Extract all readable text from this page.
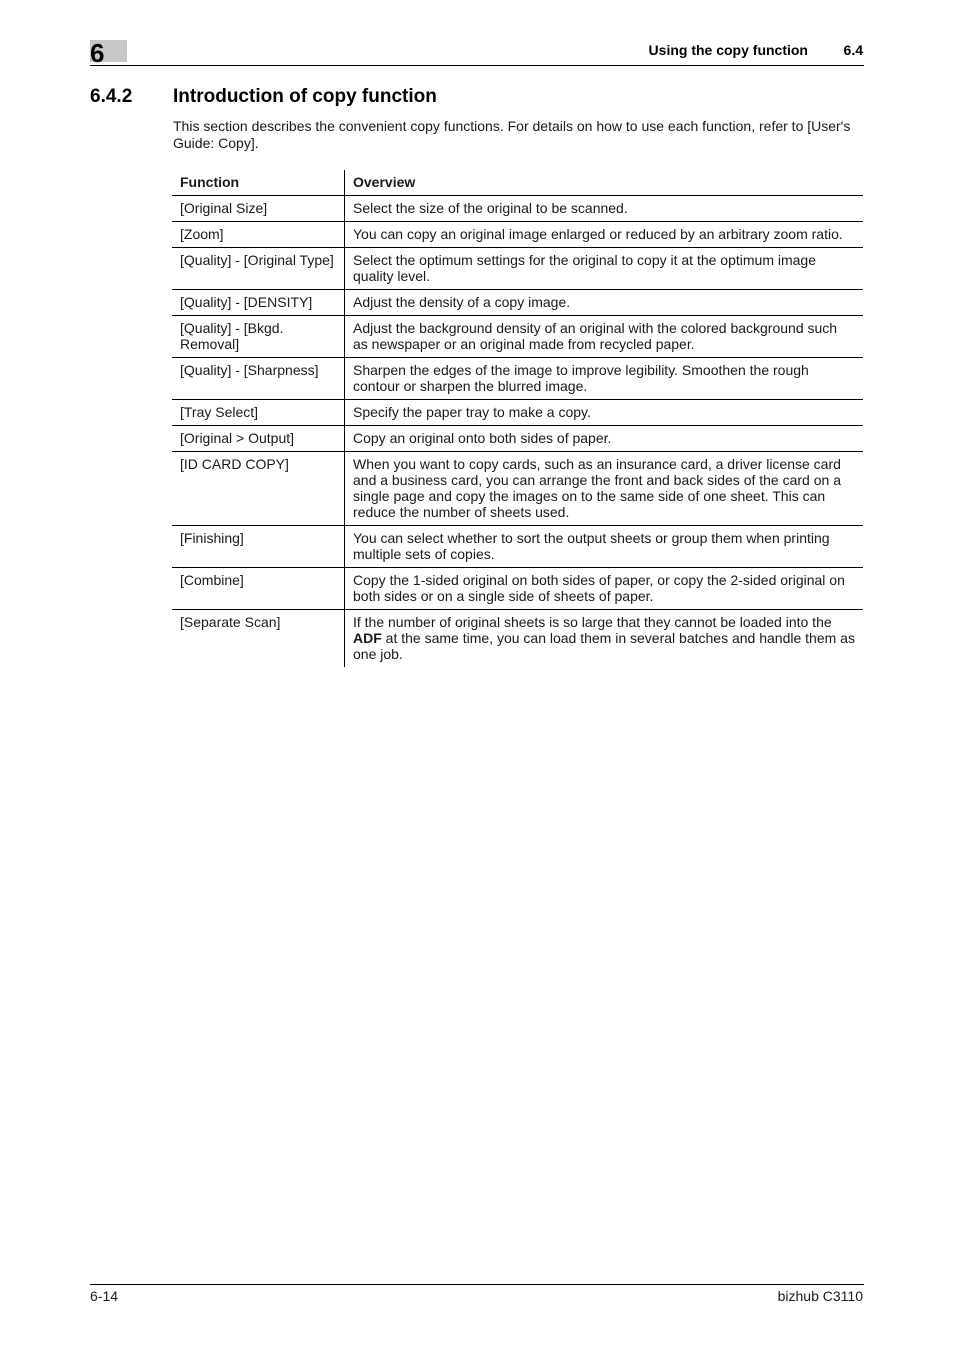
6	Using the copy function	6.4
6.4.2 Introduction of copy function

This section describes the convenient copy functions. For details on how to use each function, refer to [User's Guide: Copy].

Function	Overview
[Original Size]	Select the size of the original to be scanned.
[Zoom]	You can copy an original image enlarged or reduced by an arbitrary zoom ratio.
[Quality] - [Original Type]	Select the optimum settings for the original to copy it at the optimum image quality level.
[Quality] - [DENSITY]	Adjust the density of a copy image.
[Quality] - [Bkgd. Removal]	Adjust the background density of an original with the colored background such as newspaper or an original made from recycled paper.
[Quality] - [Sharpness]	Sharpen the edges of the image to improve legibility. Smoothen the rough contour or sharpen the blurred image.
[Tray Select]	Specify the paper tray to make a copy.
[Original > Output]	Copy an original onto both sides of paper.
[ID CARD COPY]	When you want to copy cards, such as an insurance card, a driver license card and a business card, you can arrange the front and back sides of the card on a single page and copy the images on to the same side of one sheet. This can reduce the number of sheets used.
[Finishing]	You can select whether to sort the output sheets or group them when printing multiple sets of copies.
[Combine]	Copy the 1-sided original on both sides of paper, or copy the 2-sided original on both sides or on a single side of sheets of paper.
[Separate Scan]	If the number of original sheets is so large that they cannot be loaded into the ADF at the same time, you can load them in several batches and handle them as one job.
6-14	bizhub C3110
